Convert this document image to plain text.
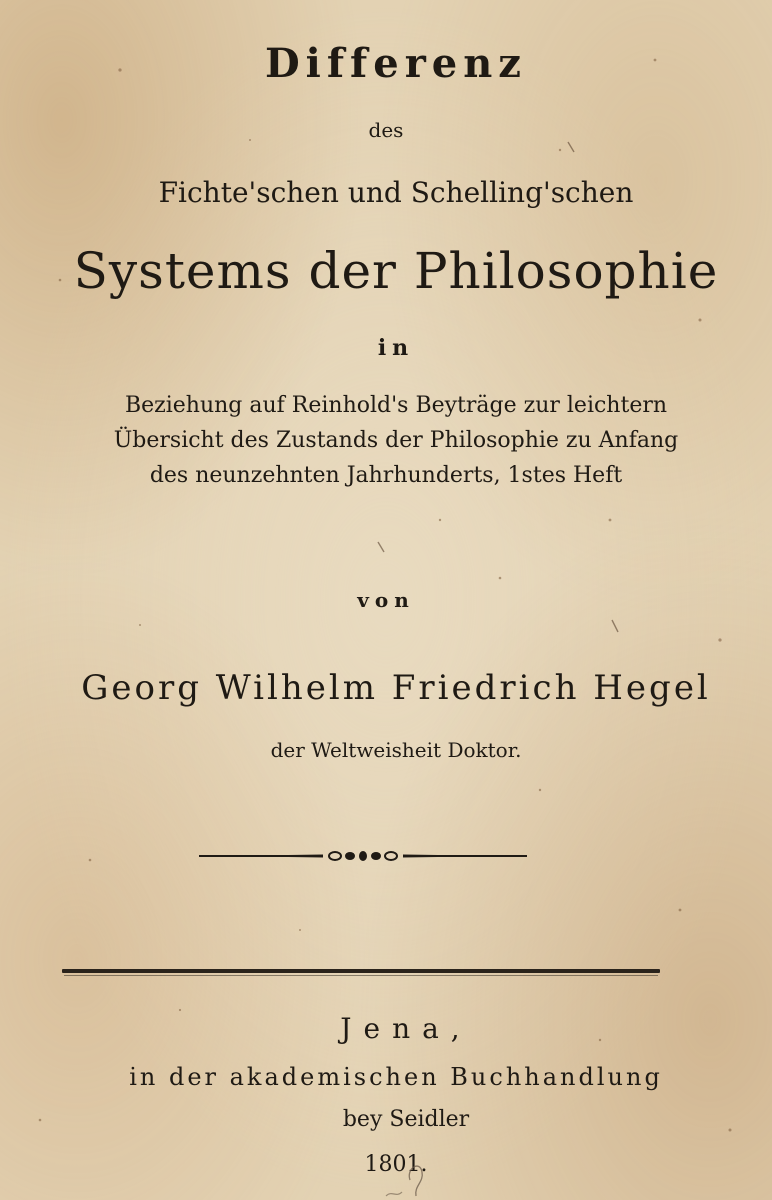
Differenz
des
Fichte'schen und Schelling'schen
Systems der Philosophie
in
Beziehung auf Reinhold's Beyträge zur leichtern
Übersicht des Zustands der Philosophie zu Anfang
des neunzehnten Jahrhunderts, 1stes Heft
von
Georg Wilhelm Friedrich Hegel
der Weltweisheit Doktor.
Jena,
in der akademischen Buchhandlung
bey Seidler
1801.
